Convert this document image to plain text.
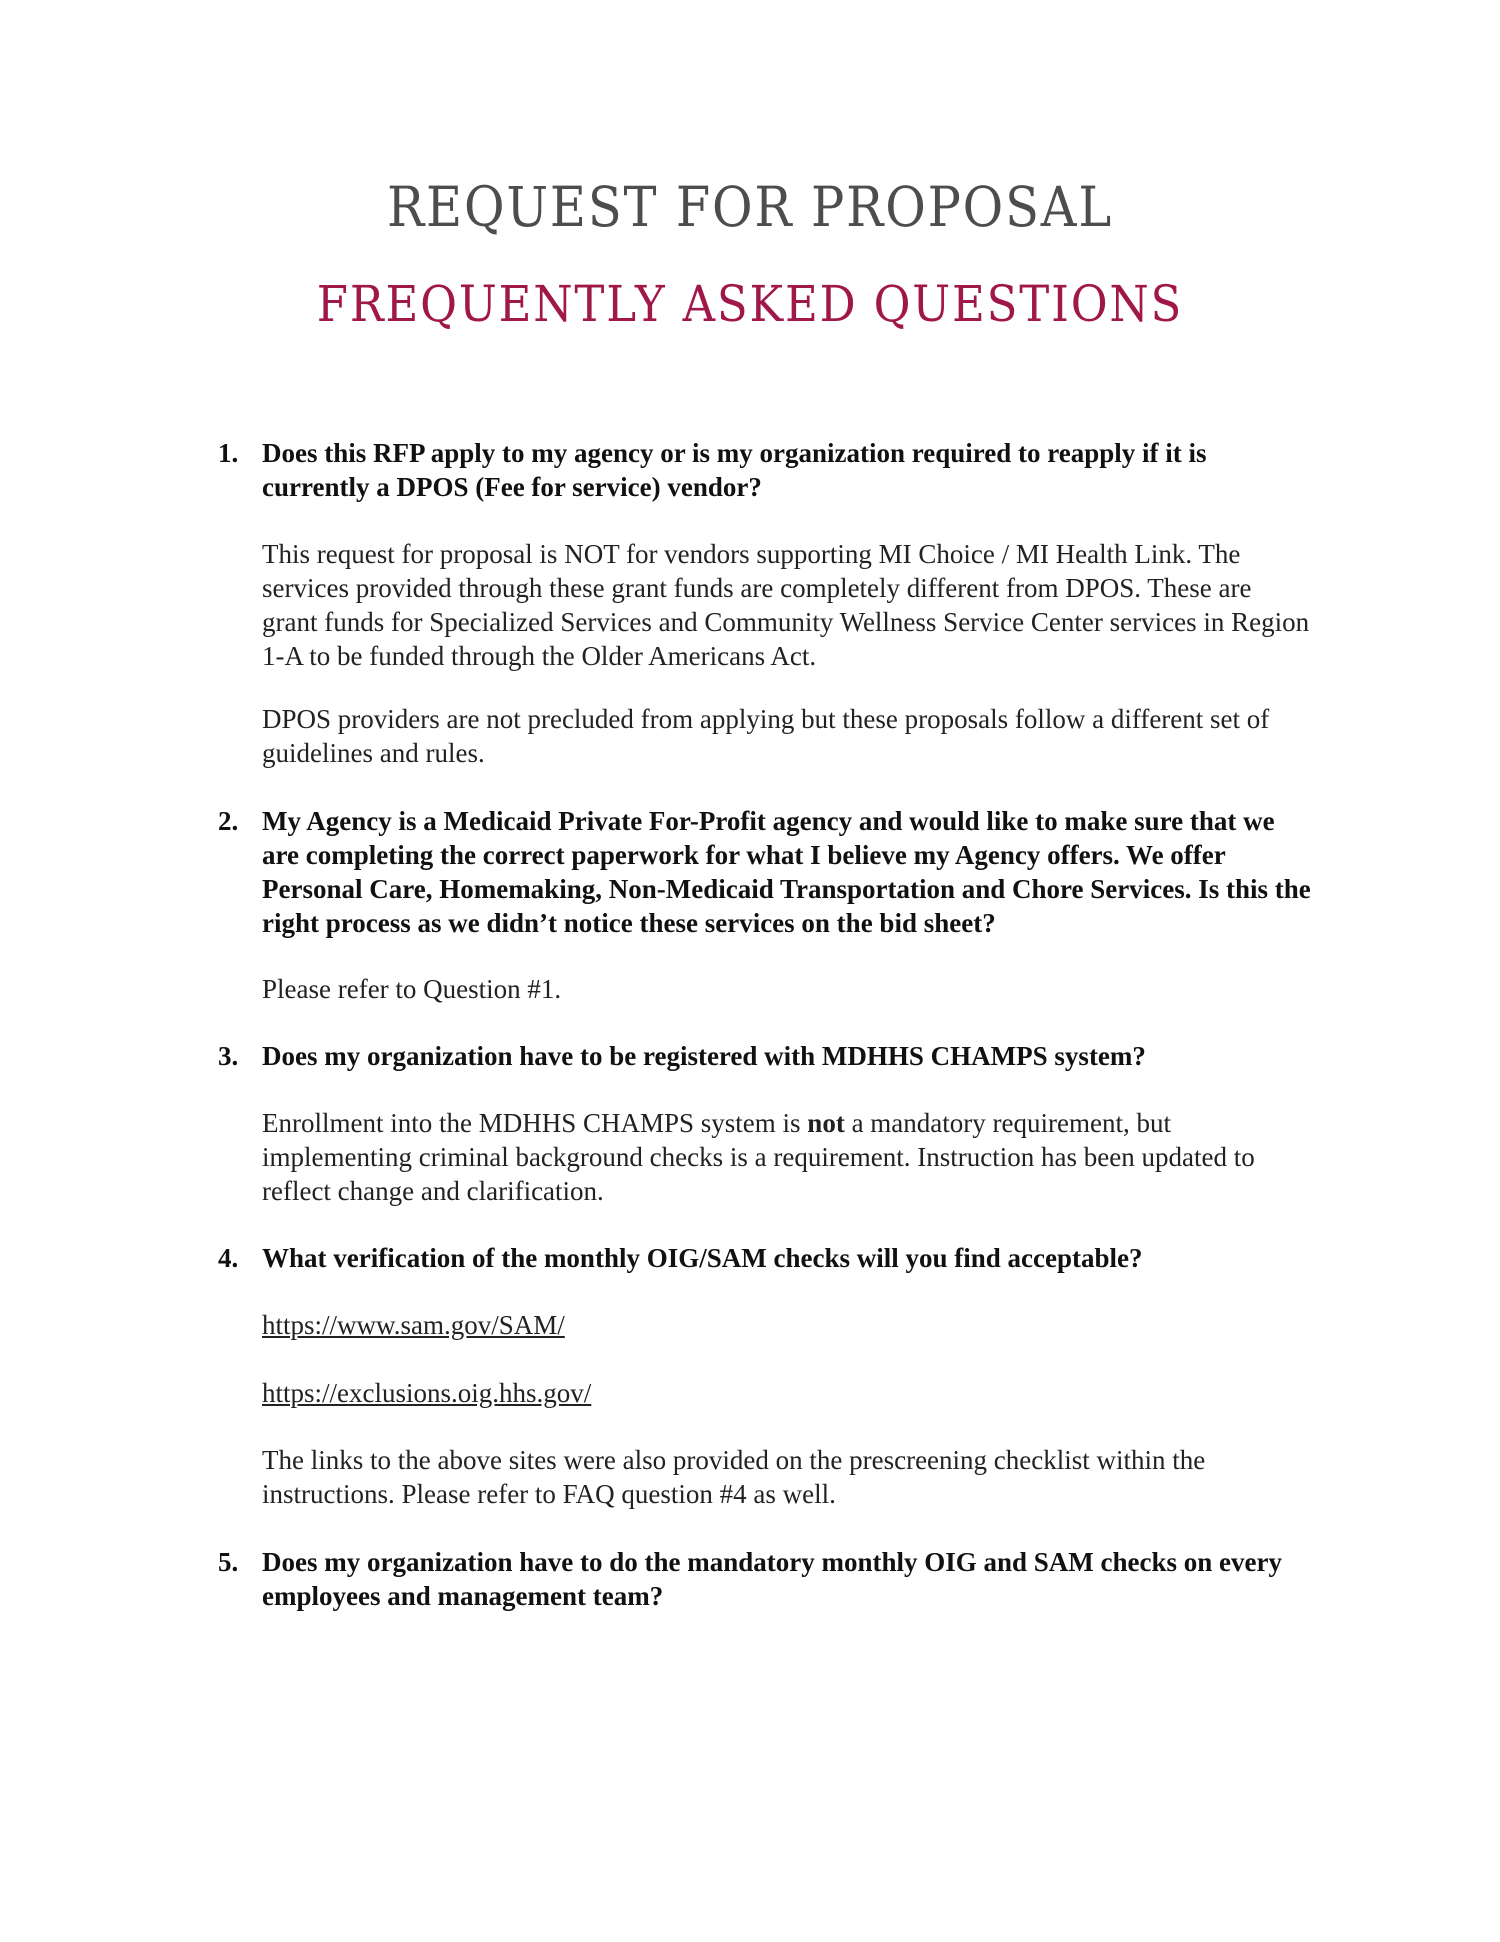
REQUEST FOR PROPOSAL
FREQUENTLY ASKED QUESTIONS
1. Does this RFP apply to my agency or is my organization required to reapply if it is currently a DPOS (Fee for service) vendor?
This request for proposal is NOT for vendors supporting MI Choice / MI Health Link. The services provided through these grant funds are completely different from DPOS. These are grant funds for Specialized Services and Community Wellness Service Center services in Region 1-A to be funded through the Older Americans Act.
DPOS providers are not precluded from applying but these proposals follow a different set of guidelines and rules.
2. My Agency is a Medicaid Private For-Profit agency and would like to make sure that we are completing the correct paperwork for what I believe my Agency offers. We offer Personal Care, Homemaking, Non-Medicaid Transportation and Chore Services. Is this the right process as we didn’t notice these services on the bid sheet?
Please refer to Question #1.
3. Does my organization have to be registered with MDHHS CHAMPS system?
Enrollment into the MDHHS CHAMPS system is not a mandatory requirement, but implementing criminal background checks is a requirement. Instruction has been updated to reflect change and clarification.
4. What verification of the monthly OIG/SAM checks will you find acceptable?
https://www.sam.gov/SAM/
https://exclusions.oig.hhs.gov/
The links to the above sites were also provided on the prescreening checklist within the instructions. Please refer to FAQ question #4 as well.
5. Does my organization have to do the mandatory monthly OIG and SAM checks on every employees and management team?
